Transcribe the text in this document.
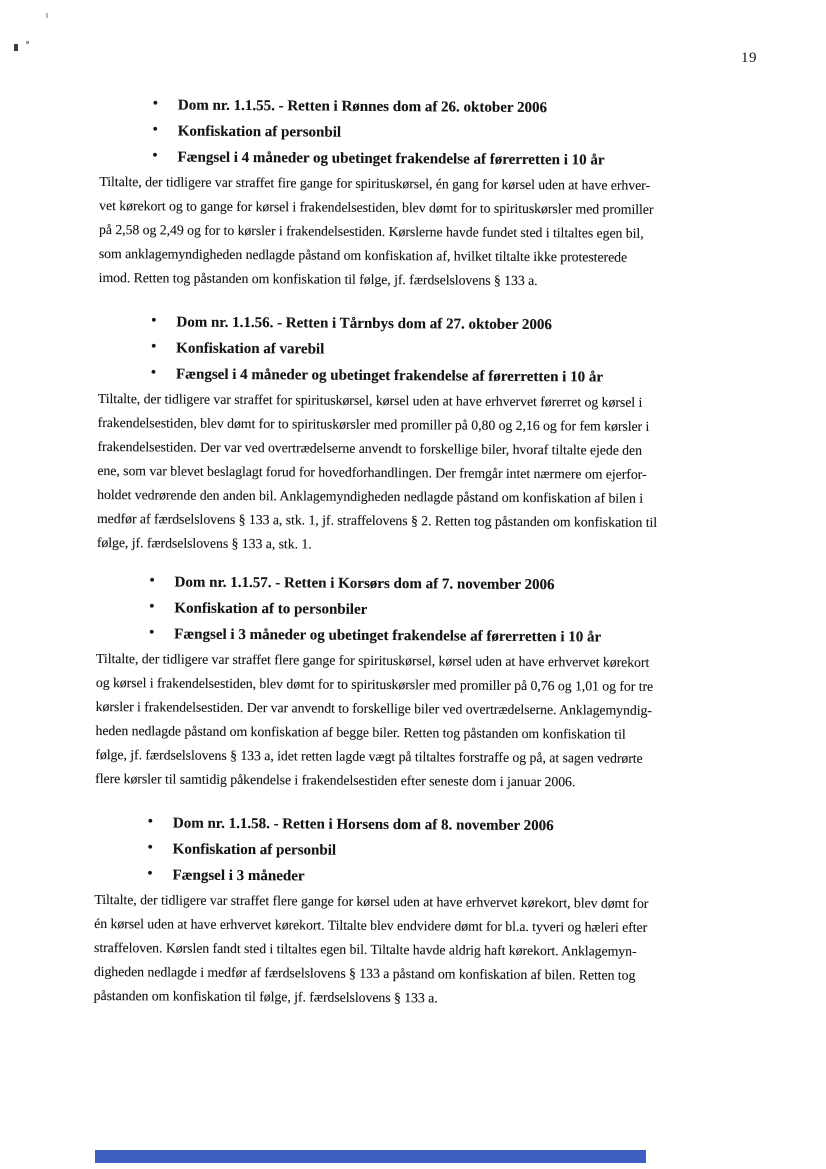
19
• Dom nr. 1.1.55. - Retten i Rønnes dom af 26. oktober 2006
• Konfiskation af personbil
• Fængsel i 4 måneder og ubetinget frakendelse af førerretten i 10 år
Tiltalte, der tidligere var straffet fire gange for spirituskørsel, én gang for kørsel uden at have erhver-
vet kørekort og to gange for kørsel i frakendelsestiden, blev dømt for to spirituskørsler med promiller
på 2,58 og 2,49 og for to kørsler i frakendelsestiden. Kørslerne havde fundet sted i tiltaltes egen bil,
som anklagemyndigheden nedlagde påstand om konfiskation af, hvilket tiltalte ikke protesterede
imod. Retten tog påstanden om konfiskation til følge, jf. færdselslovens § 133 a.
• Dom nr. 1.1.56. - Retten i Tårnbys dom af 27. oktober 2006
• Konfiskation af varebil
• Fængsel i 4 måneder og ubetinget frakendelse af førerretten i 10 år
Tiltalte, der tidligere var straffet for spirituskørsel, kørsel uden at have erhvervet førerret og kørsel i
frakendelsestiden, blev dømt for to spirituskørsler med promiller på 0,80 og 2,16 og for fem kørsler i
frakendelsestiden. Der var ved overtrædelserne anvendt to forskellige biler, hvoraf tiltalte ejede den
ene, som var blevet beslaglagt forud for hovedforhandlingen. Der fremgår intet nærmere om ejerfor-
holdet vedrørende den anden bil. Anklagemyndigheden nedlagde påstand om konfiskation af bilen i
medfør af færdselslovens § 133 a, stk. 1, jf. straffelovens § 2. Retten tog påstanden om konfiskation til
følge, jf. færdselslovens § 133 a, stk. 1.
• Dom nr. 1.1.57. - Retten i Korsørs dom af 7. november 2006
• Konfiskation af to personbiler
• Fængsel i 3 måneder og ubetinget frakendelse af førerretten i 10 år
Tiltalte, der tidligere var straffet flere gange for spirituskørsel, kørsel uden at have erhvervet kørekort
og kørsel i frakendelsestiden, blev dømt for to spirituskørsler med promiller på 0,76 og 1,01 og for tre
kørsler i frakendelsestiden. Der var anvendt to forskellige biler ved overtrædelserne. Anklagemyndig-
heden nedlagde påstand om konfiskation af begge biler. Retten tog påstanden om konfiskation til
følge, jf. færdselslovens § 133 a, idet retten lagde vægt på tiltaltes forstraffe og på, at sagen vedrørte
flere kørsler til samtidig påkendelse i frakendelsestiden efter seneste dom i januar 2006.
• Dom nr. 1.1.58. - Retten i Horsens dom af 8. november 2006
• Konfiskation af personbil
• Fængsel i 3 måneder
Tiltalte, der tidligere var straffet flere gange for kørsel uden at have erhvervet kørekort, blev dømt for
én kørsel uden at have erhvervet kørekort. Tiltalte blev endvidere dømt for bl.a. tyveri og hæleri efter
straffeloven. Kørslen fandt sted i tiltaltes egen bil. Tiltalte havde aldrig haft kørekort. Anklagemyn-
digheden nedlagde i medfør af færdselslovens § 133 a påstand om konfiskation af bilen. Retten tog
påstanden om konfiskation til følge, jf. færdselslovens § 133 a.
